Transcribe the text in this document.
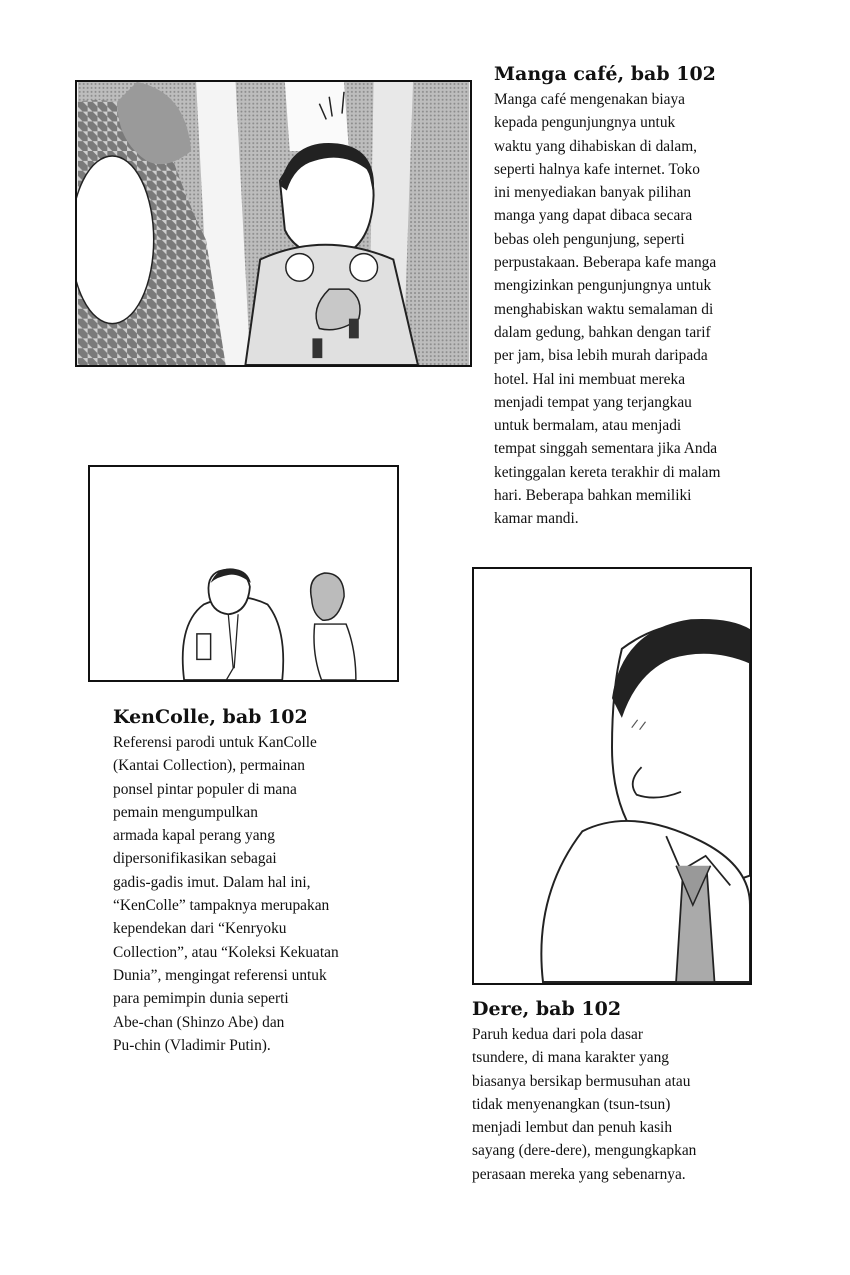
Manga café, bab 102

Manga café mengenakan biaya
kepada pengunjungnya untuk
waktu yang dihabiskan di dalam,
seperti halnya kafe internet. Toko
ini menyediakan banyak pilihan
manga yang dapat dibaca secara
bebas oleh pengunjung, seperti
perpustakaan. Beberapa kafe manga
mengizinkan pengunjungnya untuk
menghabiskan waktu semalaman di
dalam gedung, bahkan dengan tarif
per jam, bisa lebih murah daripada
hotel. Hal ini membuat mereka
menjadi tempat yang terjangkau
untuk bermalam, atau menjadi
tempat singgah sementara jika Anda
ketinggalan kereta terakhir di malam
hari. Beberapa bahkan memiliki
kamar mandi.

KenColle, bab 102

Referensi parodi untuk KanColle
(Kantai Collection), permainan
ponsel pintar populer di mana
pemain mengumpulkan
armada kapal perang yang
dipersonifikasikan sebagai
gadis-gadis imut. Dalam hal ini,
“KenColle” tampaknya merupakan
kependekan dari “Kenryoku
Collection”, atau “Koleksi Kekuatan
Dunia”, mengingat referensi untuk
para pemimpin dunia seperti
Abe-chan (Shinzo Abe) dan
Pu-chin (Vladimir Putin).

Dere, bab 102

Paruh kedua dari pola dasar
tsundere, di mana karakter yang
biasanya bersikap bermusuhan atau
tidak menyenangkan (tsun-tsun)
menjadi lembut dan penuh kasih
sayang (dere-dere), mengungkapkan
perasaan mereka yang sebenarnya.
